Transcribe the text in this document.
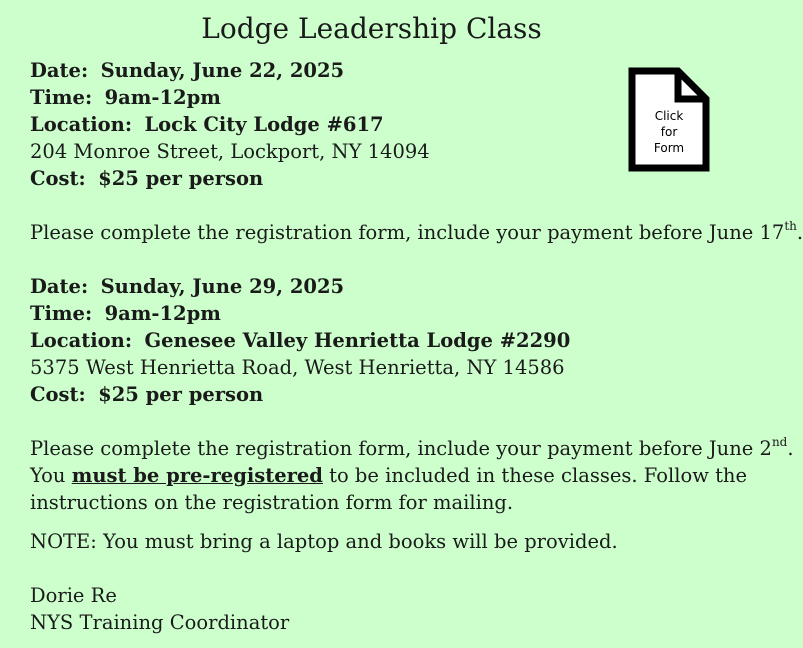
Lodge Leadership Class
Click
for
Form
Date: Sunday, June 22, 2025
Time: 9am-12pm
Location: Lock City Lodge #617
204 Monroe Street, Lockport, NY 14094
Cost: $25 per person
Please complete the registration form, include your payment before June 17th.
Date: Sunday, June 29, 2025
Time: 9am-12pm
Location: Genesee Valley Henrietta Lodge #2290
5375 West Henrietta Road, West Henrietta, NY 14586
Cost: $25 per person
Please complete the registration form, include your payment before June 2nd.
You must be pre-registered to be included in these classes. Follow the
instructions on the registration form for mailing.
NOTE: You must bring a laptop and books will be provided.
Dorie Re
NYS Training Coordinator
